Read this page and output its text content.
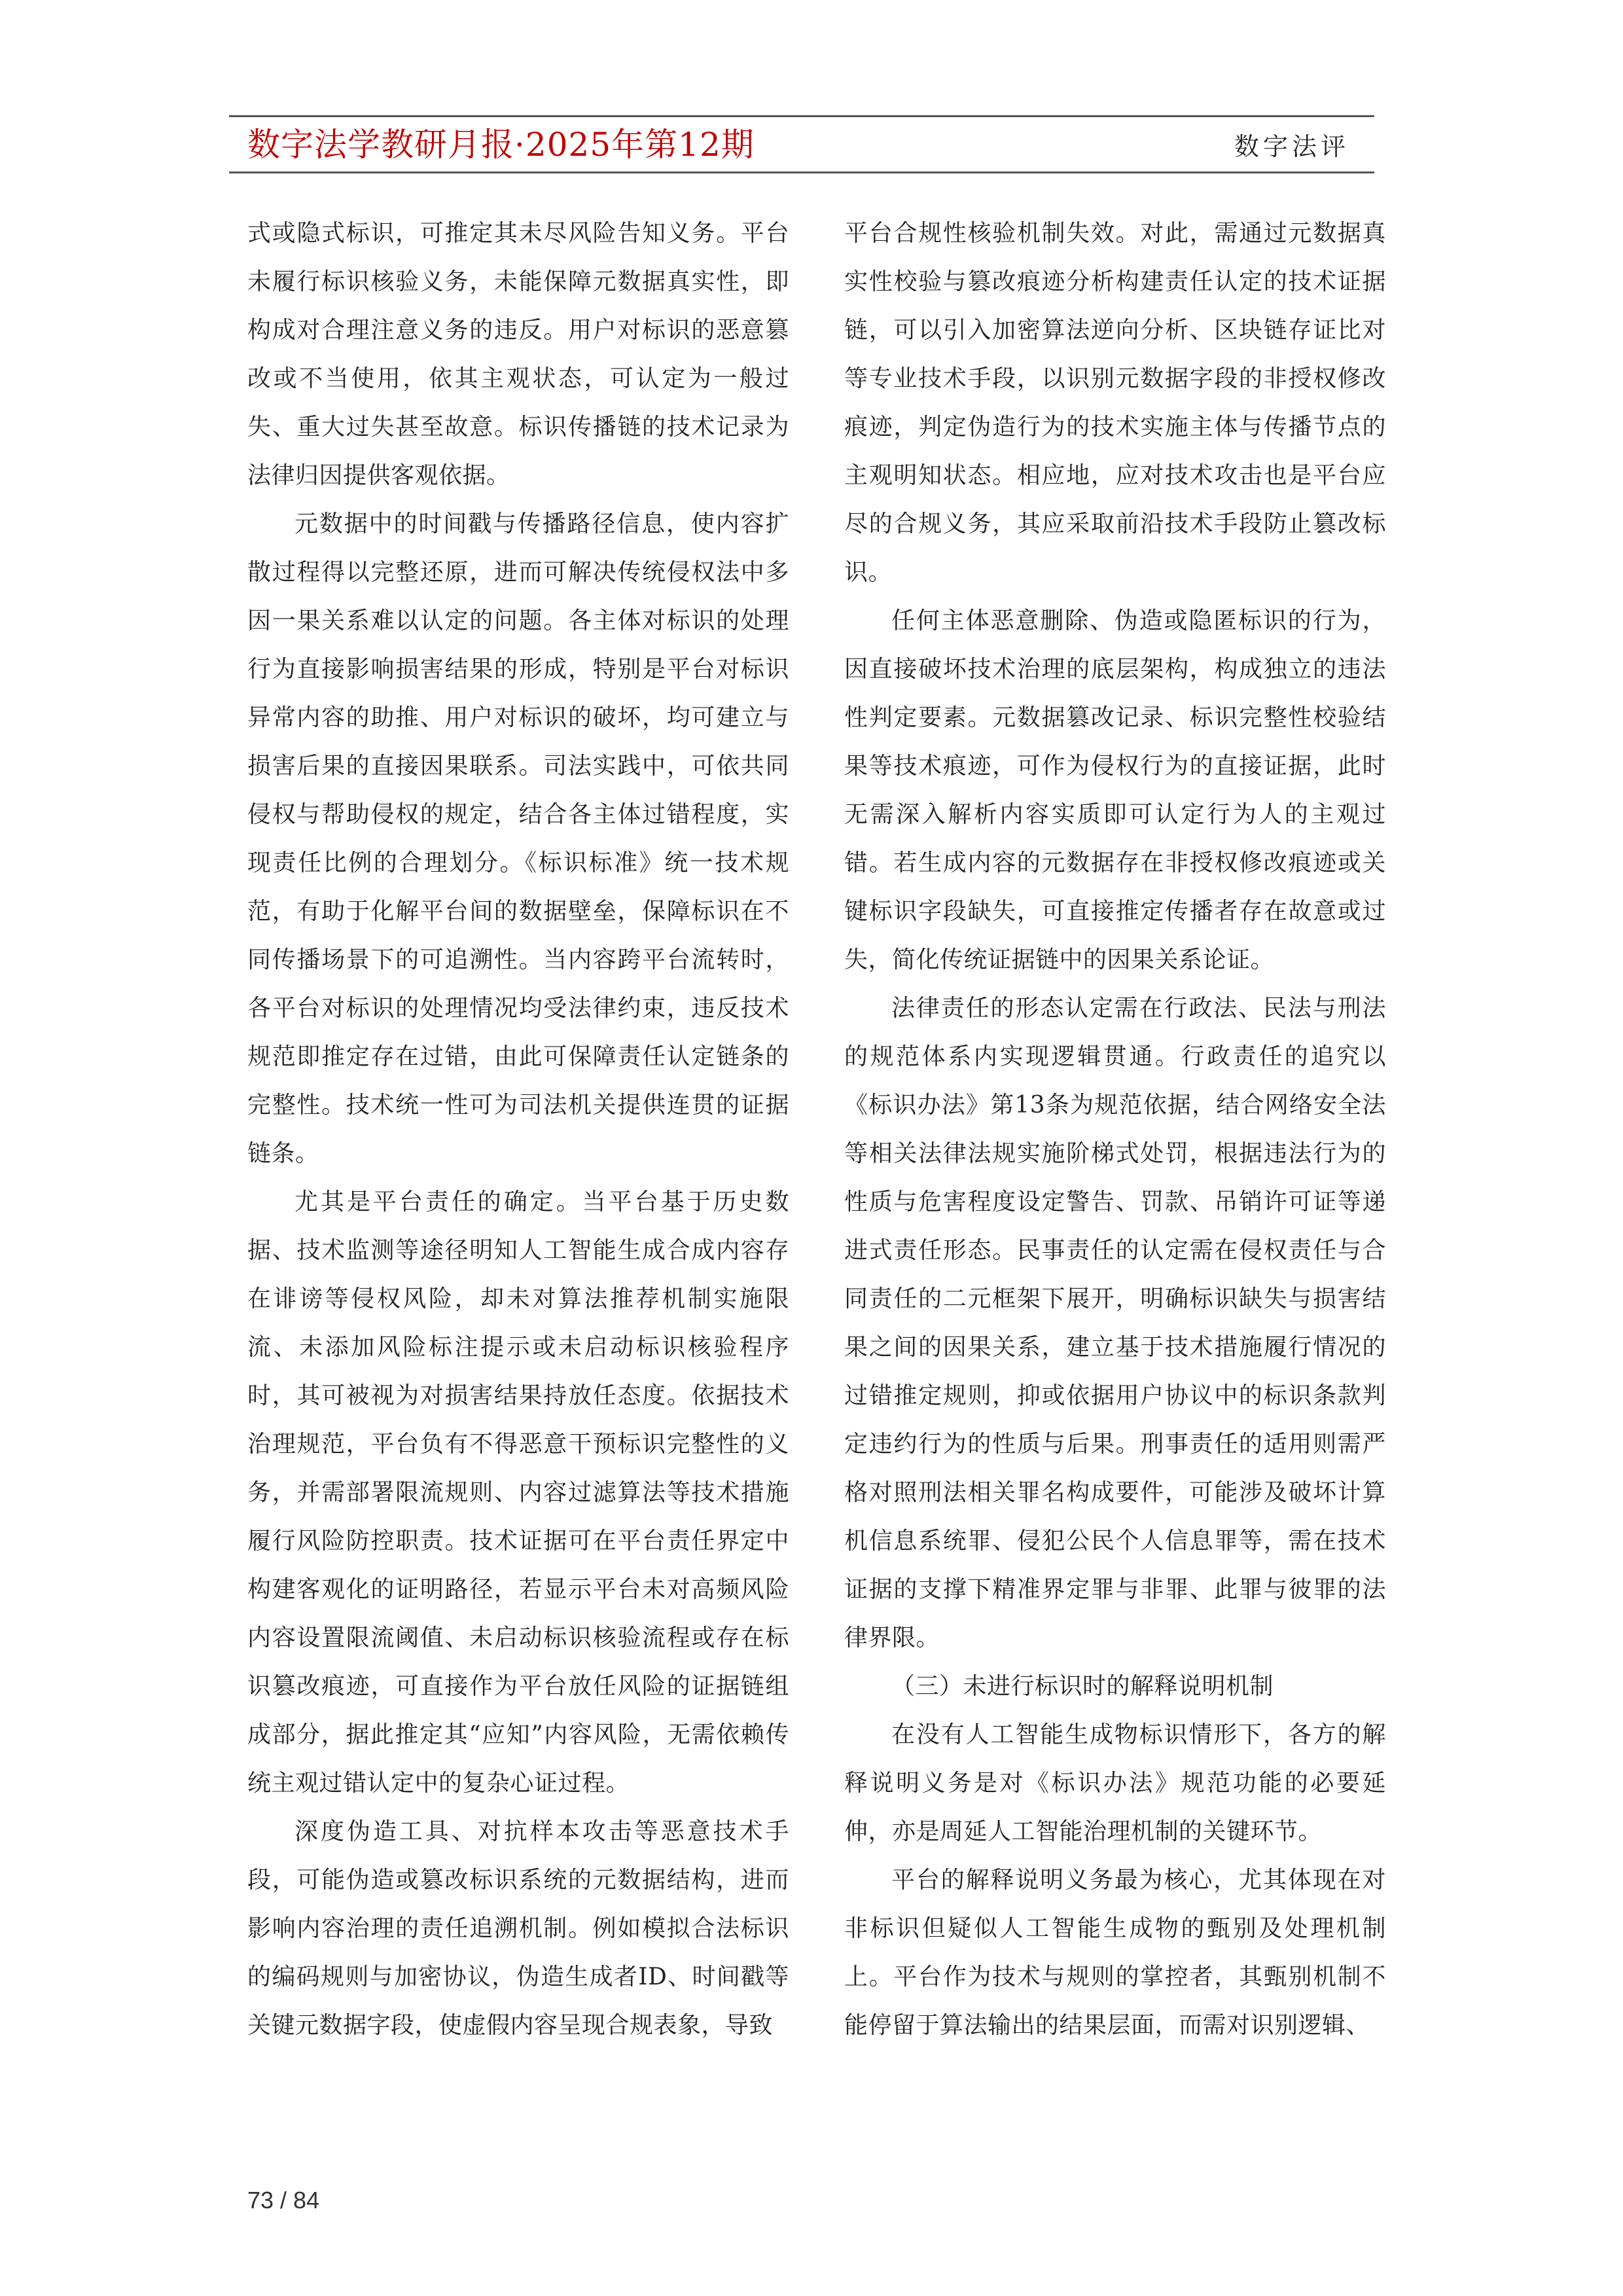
数字法学教研月报·2025年第12期	数字法评

式或隐式标识，可推定其未尽风险告知义务。平台未履行标识核验义务，未能保障元数据真实性，即构成对合理注意义务的违反。用户对标识的恶意篡改或不当使用，依其主观状态，可认定为一般过失、重大过失甚至故意。标识传播链的技术记录为法律归因提供客观依据。

元数据中的时间戳与传播路径信息，使内容扩散过程得以完整还原，进而可解决传统侵权法中多因一果关系难以认定的问题。各主体对标识的处理行为直接影响损害结果的形成，特别是平台对标识异常内容的助推、用户对标识的破坏，均可建立与损害后果的直接因果联系。司法实践中，可依共同侵权与帮助侵权的规定，结合各主体过错程度，实现责任比例的合理划分。《标识标准》统一技术规范，有助于化解平台间的数据壁垒，保障标识在不同传播场景下的可追溯性。当内容跨平台流转时，各平台对标识的处理情况均受法律约束，违反技术规范即推定存在过错，由此可保障责任认定链条的完整性。技术统一性可为司法机关提供连贯的证据链条。

尤其是平台责任的确定。当平台基于历史数据、技术监测等途径明知人工智能生成合成内容存在诽谤等侵权风险，却未对算法推荐机制实施限流、未添加风险标注提示或未启动标识核验程序时，其可被视为对损害结果持放任态度。依据技术治理规范，平台负有不得恶意干预标识完整性的义务，并需部署限流规则、内容过滤算法等技术措施履行风险防控职责。技术证据可在平台责任界定中构建客观化的证明路径，若显示平台未对高频风险内容设置限流阈值、未启动标识核验流程或存在标识篡改痕迹，可直接作为平台放任风险的证据链组成部分，据此推定其“应知”内容风险，无需依赖传统主观过错认定中的复杂心证过程。

深度伪造工具、对抗样本攻击等恶意技术手段，可能伪造或篡改标识系统的元数据结构，进而影响内容治理的责任追溯机制。例如模拟合法标识的编码规则与加密协议，伪造生成者ID、时间戳等关键元数据字段，使虚假内容呈现合规表象，导致

平台合规性核验机制失效。对此，需通过元数据真实性校验与篡改痕迹分析构建责任认定的技术证据链，可以引入加密算法逆向分析、区块链存证比对等专业技术手段，以识别元数据字段的非授权修改痕迹，判定伪造行为的技术实施主体与传播节点的主观明知状态。相应地，应对技术攻击也是平台应尽的合规义务，其应采取前沿技术手段防止篡改标识。

任何主体恶意删除、伪造或隐匿标识的行为，因直接破坏技术治理的底层架构，构成独立的违法性判定要素。元数据篡改记录、标识完整性校验结果等技术痕迹，可作为侵权行为的直接证据，此时无需深入解析内容实质即可认定行为人的主观过错。若生成内容的元数据存在非授权修改痕迹或关键标识字段缺失，可直接推定传播者存在故意或过失，简化传统证据链中的因果关系论证。

法律责任的形态认定需在行政法、民法与刑法的规范体系内实现逻辑贯通。行政责任的追究以《标识办法》第13条为规范依据，结合网络安全法等相关法律法规实施阶梯式处罚，根据违法行为的性质与危害程度设定警告、罚款、吊销许可证等递进式责任形态。民事责任的认定需在侵权责任与合同责任的二元框架下展开，明确标识缺失与损害结果之间的因果关系，建立基于技术措施履行情况的过错推定规则，抑或依据用户协议中的标识条款判定违约行为的性质与后果。刑事责任的适用则需严格对照刑法相关罪名构成要件，可能涉及破坏计算机信息系统罪、侵犯公民个人信息罪等，需在技术证据的支撑下精准界定罪与非罪、此罪与彼罪的法律界限。

（三）未进行标识时的解释说明机制

在没有人工智能生成物标识情形下，各方的解释说明义务是对《标识办法》规范功能的必要延伸，亦是周延人工智能治理机制的关键环节。

平台的解释说明义务最为核心，尤其体现在对非标识但疑似人工智能生成物的甄别及处理机制上。平台作为技术与规则的掌控者，其甄别机制不能停留于算法输出的结果层面，而需对识别逻辑、

73 / 84
